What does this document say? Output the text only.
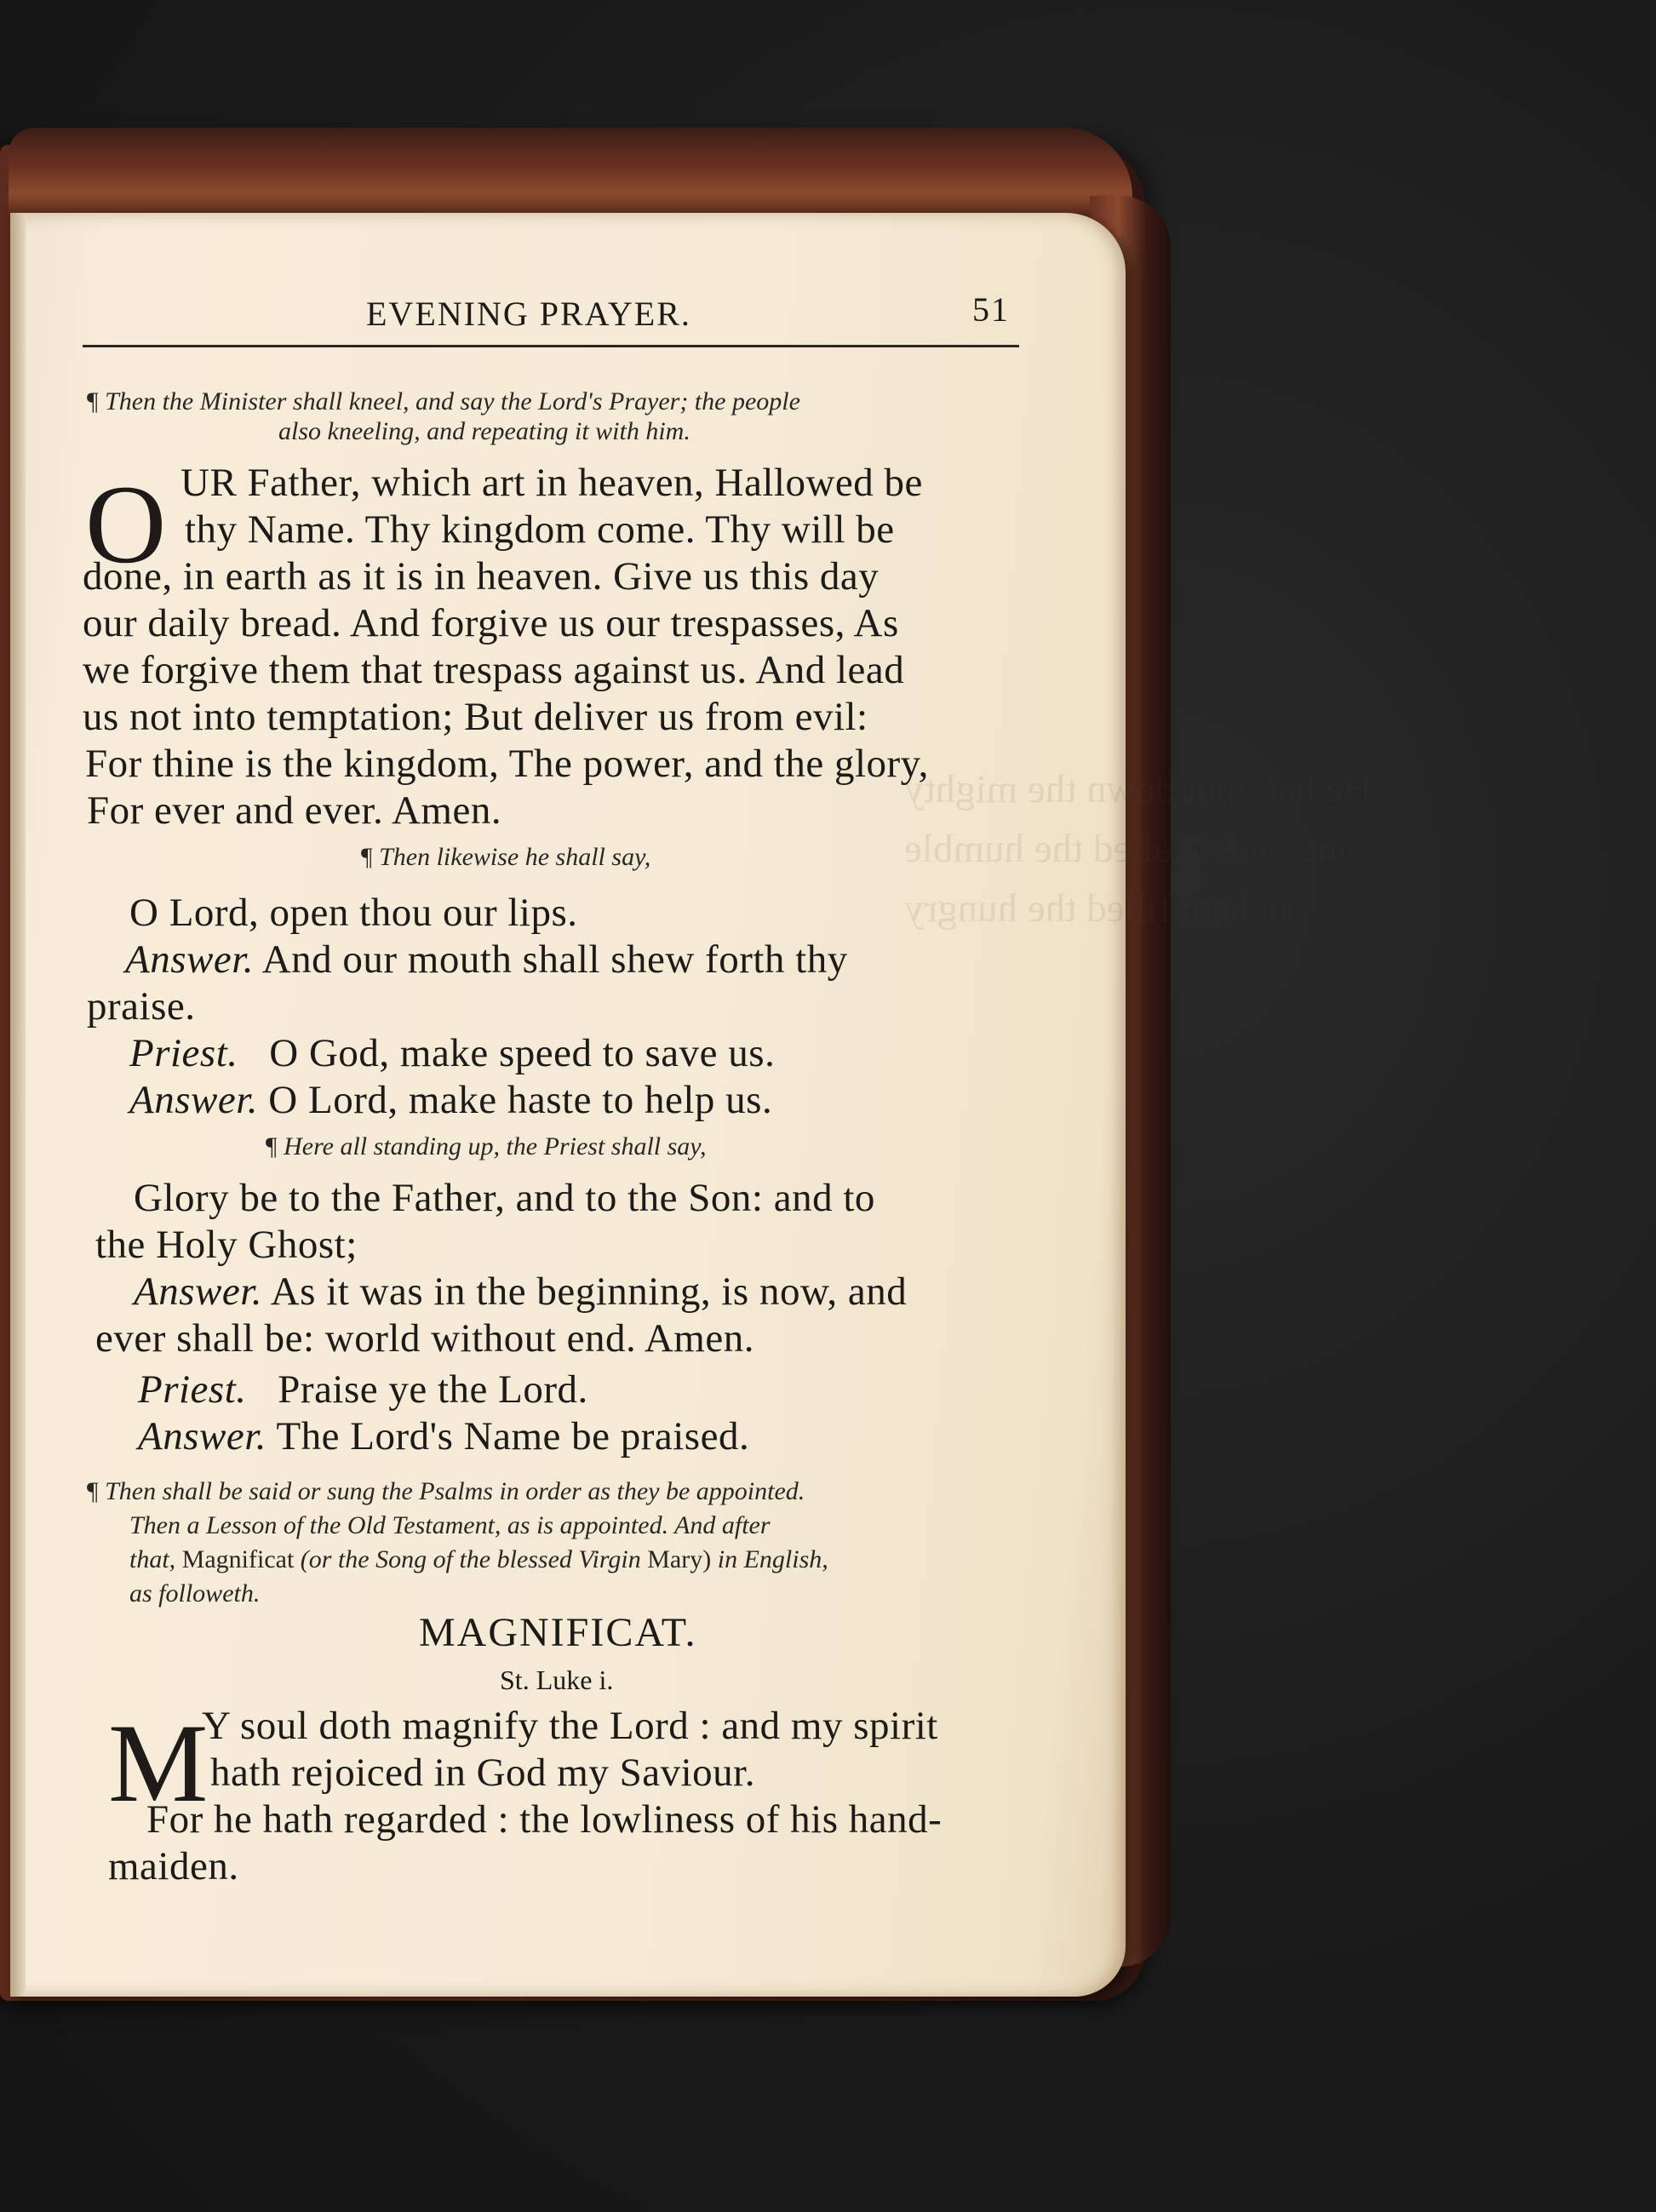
He hath put down the mighty
and hath exalted the humble
He hath filled the hungry
EVENING PRAYER.	51
¶ Then the Minister shall kneel, and say the Lord's Prayer; the people
also kneeling, and repeating it with him.
O UR Father, which art in heaven, Hallowed be
thy Name. Thy kingdom come. Thy will be
done, in earth as it is in heaven. Give us this day
our daily bread. And forgive us our trespasses, As
we forgive them that trespass against us. And lead
us not into temptation; But deliver us from evil:
For thine is the kingdom, The power, and the glory,
For ever and ever. Amen.
¶ Then likewise he shall say,
O Lord, open thou our lips.
Answer. And our mouth shall shew forth thy
praise.
Priest. O God, make speed to save us.
Answer. O Lord, make haste to help us.
¶ Here all standing up, the Priest shall say,
Glory be to the Father, and to the Son: and to
the Holy Ghost;
Answer. As it was in the beginning, is now, and
ever shall be: world without end. Amen.
Priest. Praise ye the Lord.
Answer. The Lord's Name be praised.
¶ Then shall be said or sung the Psalms in order as they be appointed.
Then a Lesson of the Old Testament, as is appointed. And after
that, Magnificat (or the Song of the blessed Virgin Mary) in English,
as followeth.
MAGNIFICAT.
St. Luke i.
M
Y soul doth magnify the Lord : and my spirit
hath rejoiced in God my Saviour.
For he hath regarded : the lowliness of his hand-
maiden.
